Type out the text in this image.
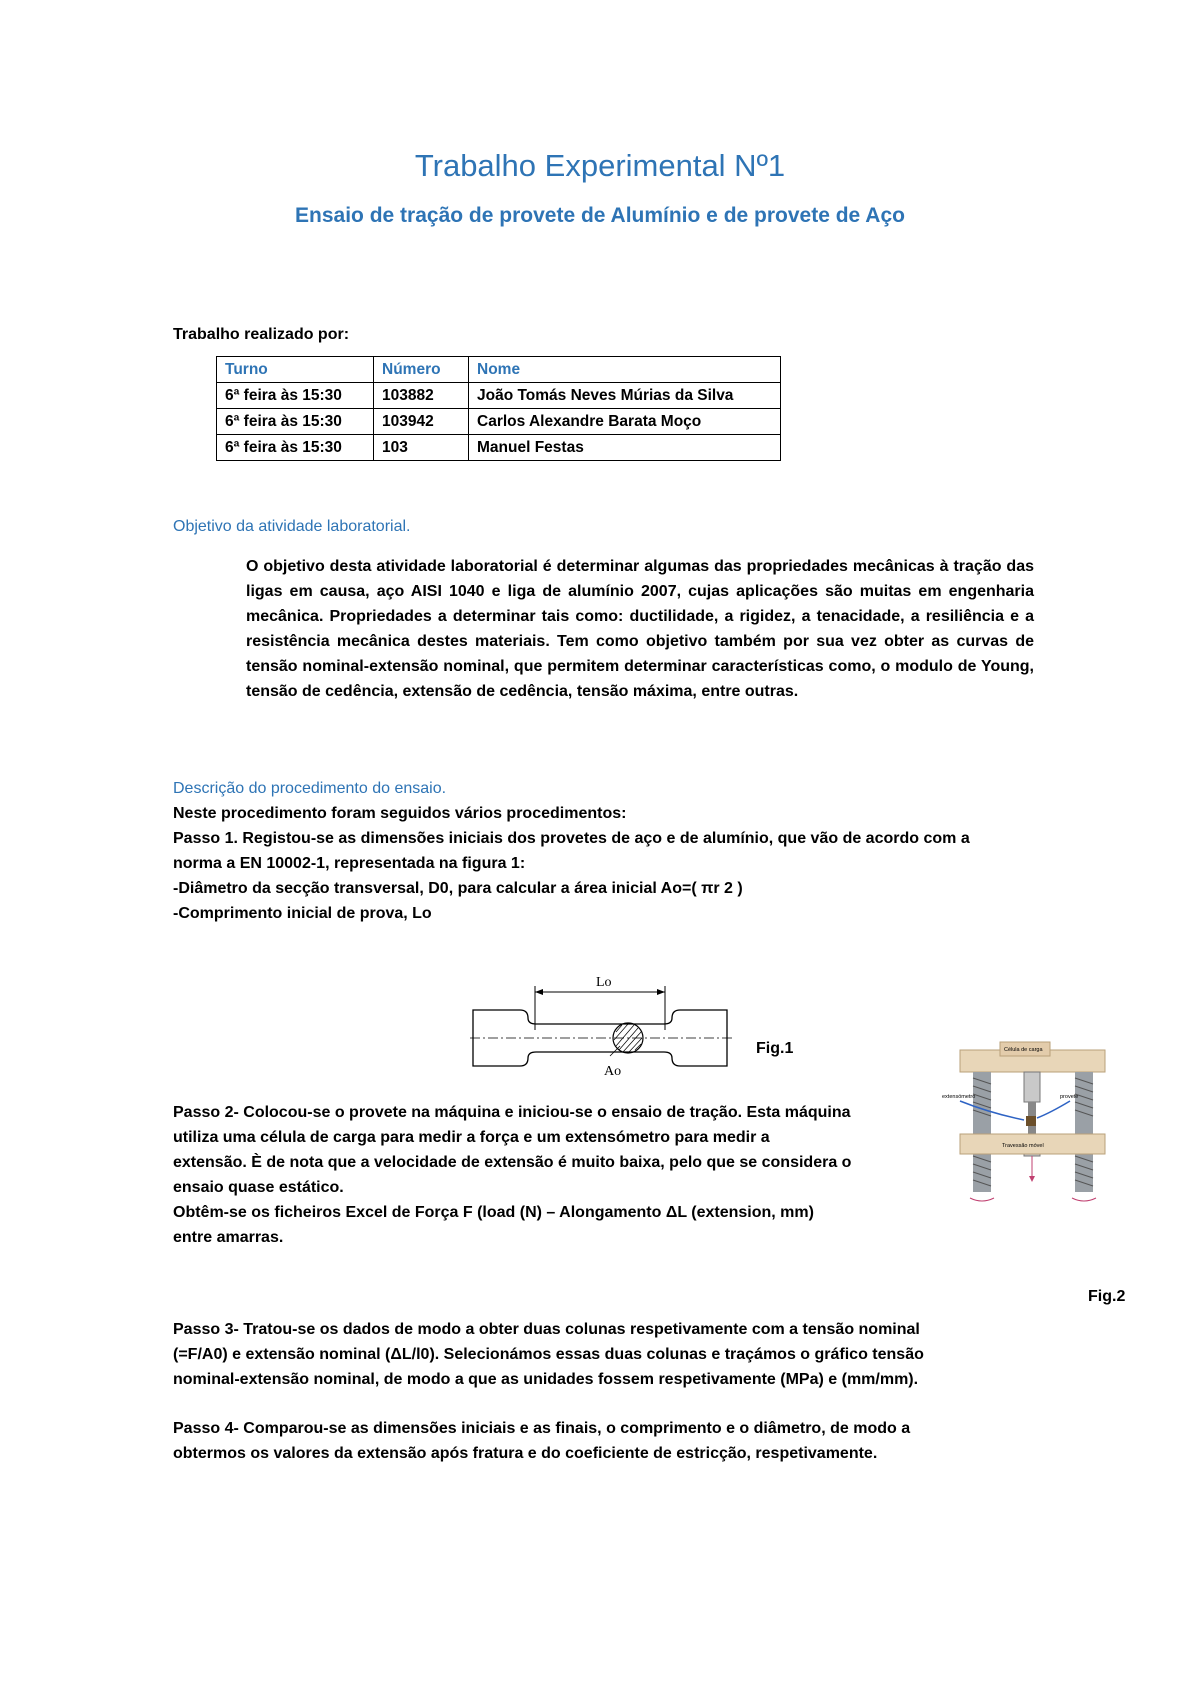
Trabalho Experimental Nº1
Ensaio de tração de provete de Alumínio e de provete de Aço
Trabalho realizado por:
Turno	Número	Nome
6ª feira às 15:30	103882	João Tomás Neves Múrias da Silva
6ª feira às 15:30	103942	Carlos Alexandre Barata Moço
6ª feira às 15:30	103	Manuel Festas
Objetivo da atividade laboratorial.
O objetivo desta atividade laboratorial é determinar algumas das propriedades mecânicas à tração das ligas em causa, aço AISI 1040 e liga de alumínio 2007, cujas aplicações são muitas em engenharia mecânica. Propriedades a determinar tais como: ductilidade, a rigidez, a tenacidade, a resiliência e a resistência mecânica destes materiais. Tem como objetivo também por sua vez obter as curvas de tensão nominal-extensão nominal, que permitem determinar características como, o modulo de Young, tensão de cedência, extensão de cedência, tensão máxima, entre outras.
Descrição do procedimento do ensaio.
Neste procedimento foram seguidos vários procedimentos:
Passo 1. Registou-se as dimensões iniciais dos provetes de aço e de alumínio, que vão de acordo com a
norma a EN 10002-1, representada na figura 1:
-Diâmetro da secção transversal, D0, para calcular a área inicial Ao=( πr 2 )
-Comprimento inicial de prova, Lo
Lo
Ao
Fig.1	Célula de carga
Travessão móvel
extensómetro	provete
Fig.2
Passo 2- Colocou-se o provete na máquina e iniciou-se o ensaio de tração. Esta máquina
utiliza uma célula de carga para medir a força e um extensómetro para medir a
extensão. È de nota que a velocidade de extensão é muito baixa, pelo que se considera o
ensaio quase estático.
Obtêm-se os ficheiros Excel de Força F (load (N) – Alongamento ΔL (extension, mm)
entre amarras.
Passo 3- Tratou-se os dados de modo a obter duas colunas respetivamente com a tensão nominal
(=F/A0) e extensão nominal (ΔL/l0). Selecionámos essas duas colunas e traçámos o gráfico tensão
nominal-extensão nominal, de modo a que as unidades fossem respetivamente (MPa) e (mm/mm).
Passo 4- Comparou-se as dimensões iniciais e as finais, o comprimento e o diâmetro, de modo a
obtermos os valores da extensão após fratura e do coeficiente de estricção, respetivamente.
